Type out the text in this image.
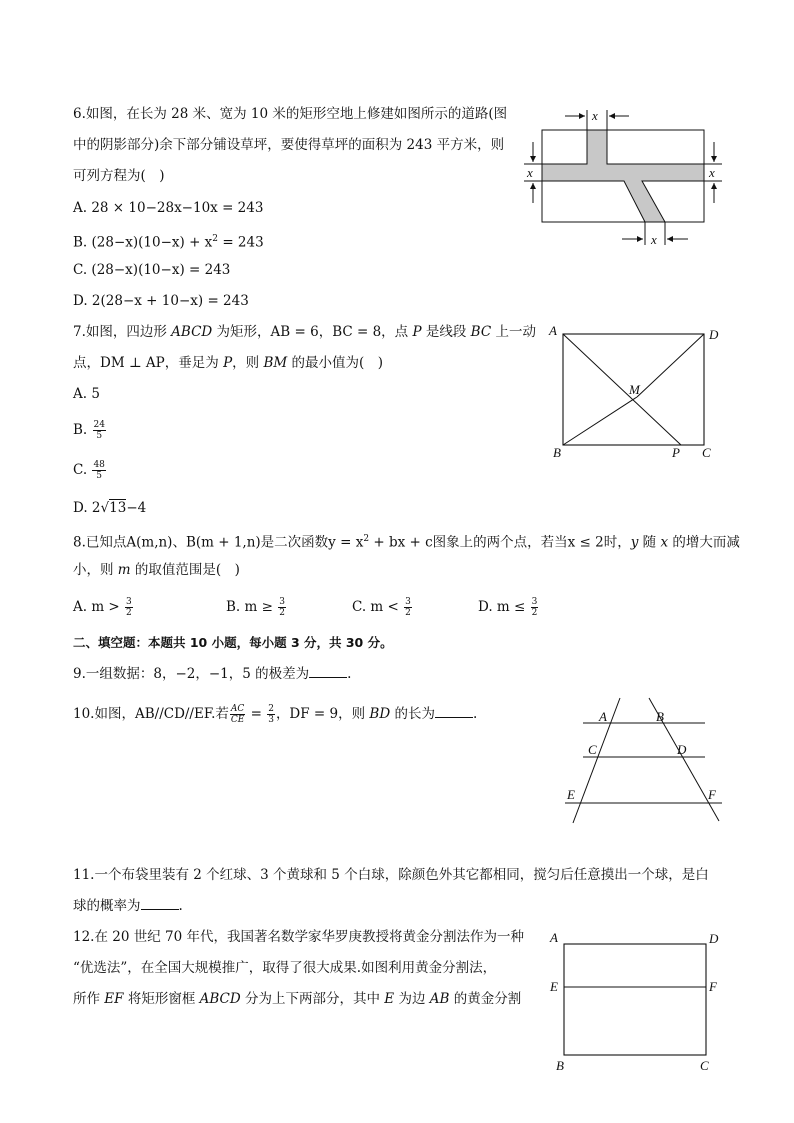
6.如图，在长为 28 米、宽为 10 米的矩形空地上修建如图所示的道路(图
中的阴影部分)余下部分铺设草坪，要使得草坪的面积为 243 平方米，则
可列方程为(　)
A. 28 × 10−28x−10x = 243
B. $(28-x)(10-x) + x^2 = 243$
C. (28−x)(10−x) = 243
D. 2(28−x + 10−x) = 243
x
x	x
x
7.如图，四边形 ABCD 为矩形，AB = 6，BC = 8，点 P 是线段 BC 上一动
点，DM ⊥ AP，垂足为 P，则 BM 的最小值为(　)
A. 5
B. $\frac{24}{5}$
C. $\frac{48}{5}$
D. 2√13−4
A	D
M
B	P C
8.已知点A(m,n)、B(m + 1,n)是二次函数$y = x^2$ + bx + c图象上的两个点，若当x ≤ 2时，y 随 x 的增大而减
小，则 m 的取值范围是(　)
A. $m > \frac{3}{2}$	B. $m \ge \frac{3}{2}$	C. $m < \frac{3}{2}$	D. $m \le \frac{3}{2}$
二、填空题：本题共 10 小题，每小题 3 分，共 30 分。
9.一组数据：8，−2，−1，5 的极差为	.
10.如图，AB//CD//EF.若 $\frac{AC}{CE} = \frac{2}{3}$ ，DF = 9，则 BD 的长为	.	A	B
C	D
E	F
11.一个布袋里装有 2 个红球、3 个黄球和 5 个白球，除颜色外其它都相同，搅匀后任意摸出一个球，是白
球的概率为	.
12.在 20 世纪 70 年代，我国著名数学家华罗庚教授将黄金分割法作为一种
“优选法”，在全国大规模推广，取得了很大成果.如图利用黄金分割法，
所作 EF 将矩形窗框 ABCD 分为上下两部分，其中 E 为边 AB 的黄金分割
A	D
E	F
B	C
